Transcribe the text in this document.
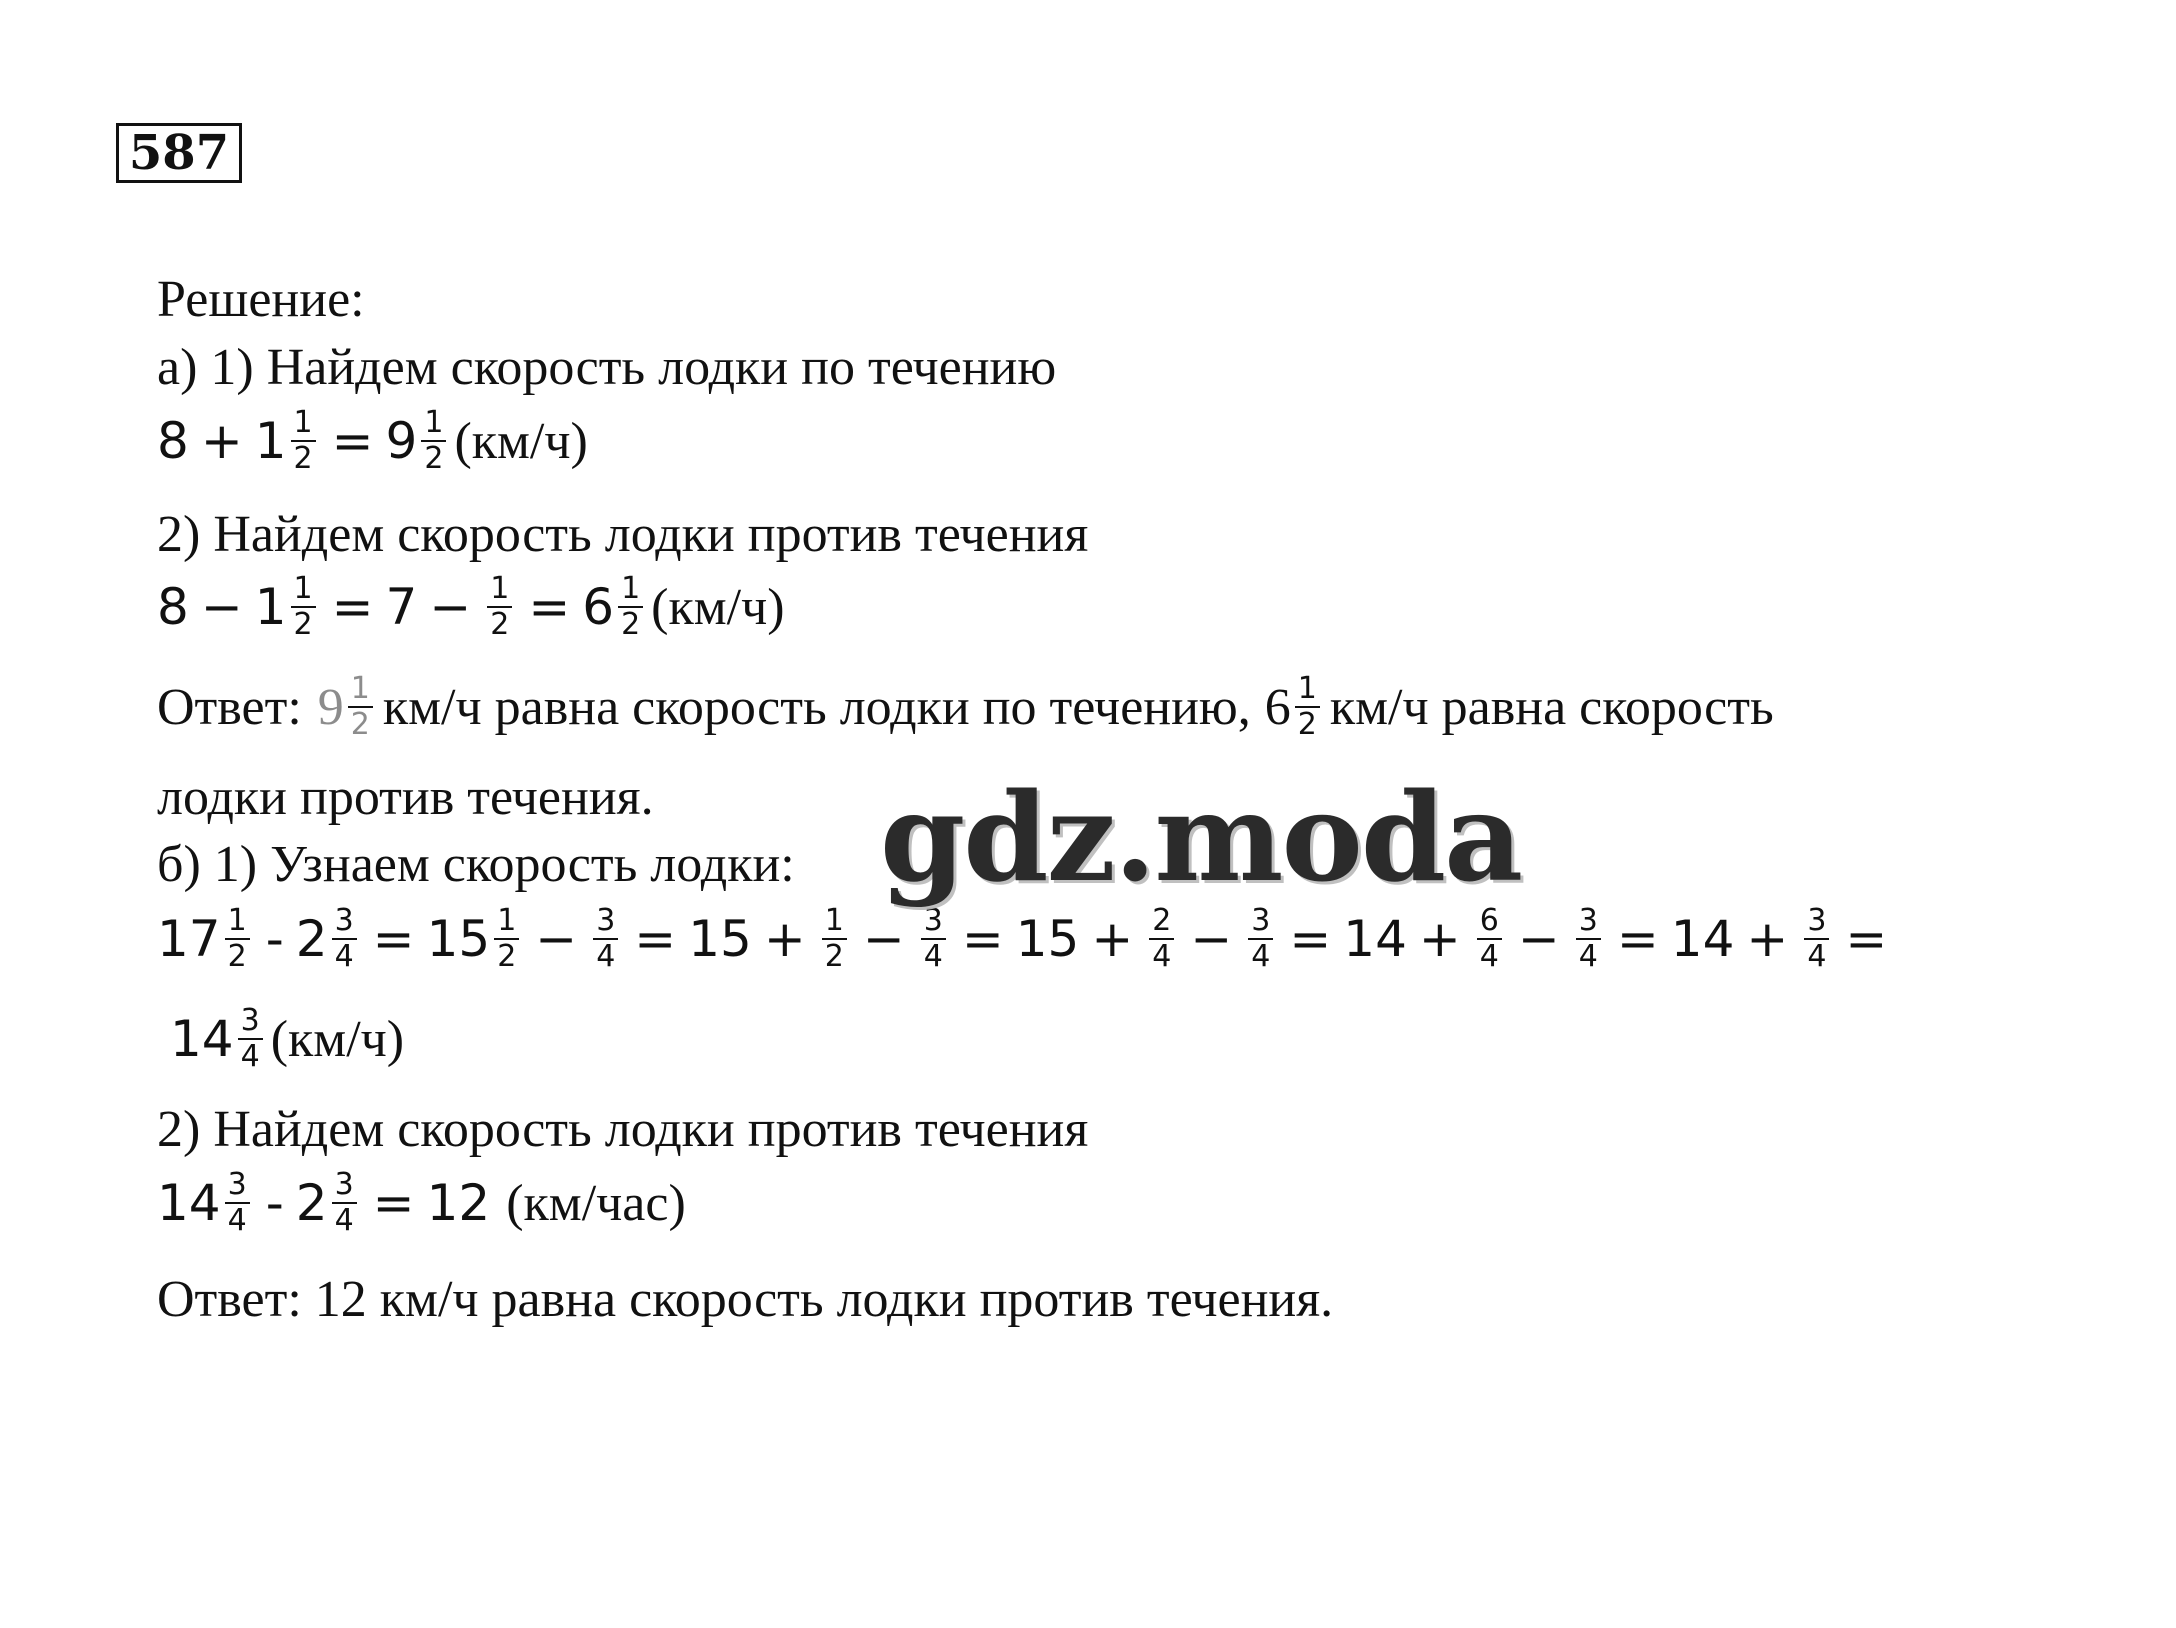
587
Решение:
а) 1) Найдем скорость лодки по течению
$8 + 1 \frac{1}{2} = 9 \frac{1}{2} (км/ч)$
2) Найдем скорость лодки против течения
$8 - 1 \frac{1}{2} = 7 - \frac{1}{2} = 6 \frac{1}{2} (км/ч)$
Ответ: $9 \frac{1}{2} км/ч$ равна скорость лодки по течению, $6 \frac{1}{2} км/ч$ равна скорость
лодки против течения.
б) 1) Узнаем скорость лодки:
$17 \frac{1}{2} - 2 \frac{3}{4} = 15 \frac{1}{2} - \frac{3}{4} = 15 + \frac{1}{2} - \frac{3}{4} = 15 + \frac{2}{4} - \frac{3}{4} = 14 + \frac{6}{4} - \frac{3}{4} = 14 + \frac{3}{4}$ =
$14 \frac{3}{4} (км/ч)$
2) Найдем скорость лодки против течения
$14 \frac{3}{4} - 2 \frac{3}{4} = 12$ (км/час)
Ответ: 12 км/ч равна скорость лодки против течения.
gdz.moda
